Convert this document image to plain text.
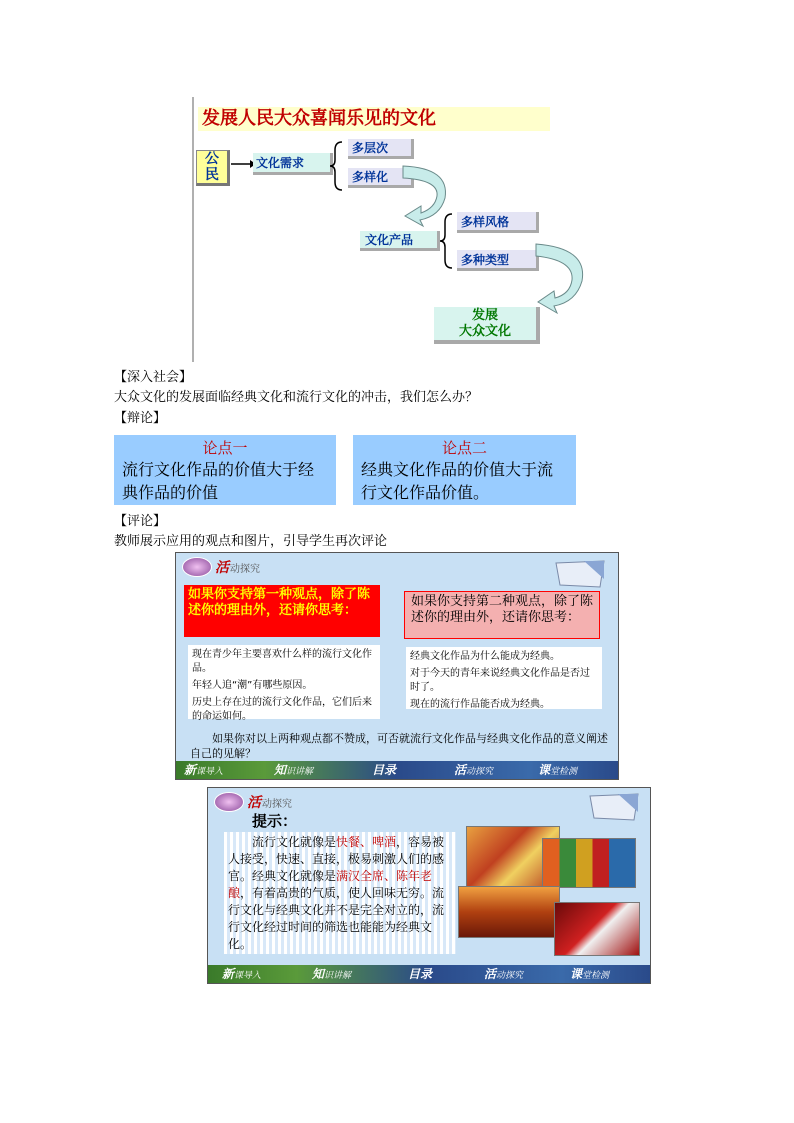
发展人民大众喜闻乐见的文化
公民
文化需求
多层次
多样化
文化产品
多样风格
多种类型
发展
大众文化
【深入社会】
大众文化的发展面临经典文化和流行文化的冲击，我们怎么办？
【辩论】
论点一
流行文化作品的价值大于经典作品的价值
论点二
经典文化作品的价值大于流行文化作品价值。
【评论】
教师展示应用的观点和图片，引导学生再次评论
活 动探究
如果你支持第一种观点，除了陈述你的理由外，还请你思考：
如果你支持第二种观点，除了陈述你的理由外，还请你思考：

现在青少年主要喜欢什么样的流行文化作品。

年轻人追“潮”有哪些原因。

历史上存在过的流行文化作品，它们后来的命运如何。

经典文化作品为什么能成为经典。

对于今天的青年来说经典文化作品是否过时了。

现在的流行作品能否成为经典。

如果你对以上两种观点都不赞成，可否就流行文化作品与经典文化作品的意义阐述自己的见解？
新课导入	知识讲解	目录	活动探究	课堂检测
活 动探究
提示：
流行文化就像是快餐、啤酒，容易被人接受，快速、直接，极易刺激人们的感官。经典文化就像是满汉全席、陈年老酿，有着高贵的气质，使人回味无穷。流行文化与经典文化并不是完全对立的，流行文化经过时间的筛选也能能为经典文化。
新课导入	知识讲解	目录	活动探究	课堂检测
